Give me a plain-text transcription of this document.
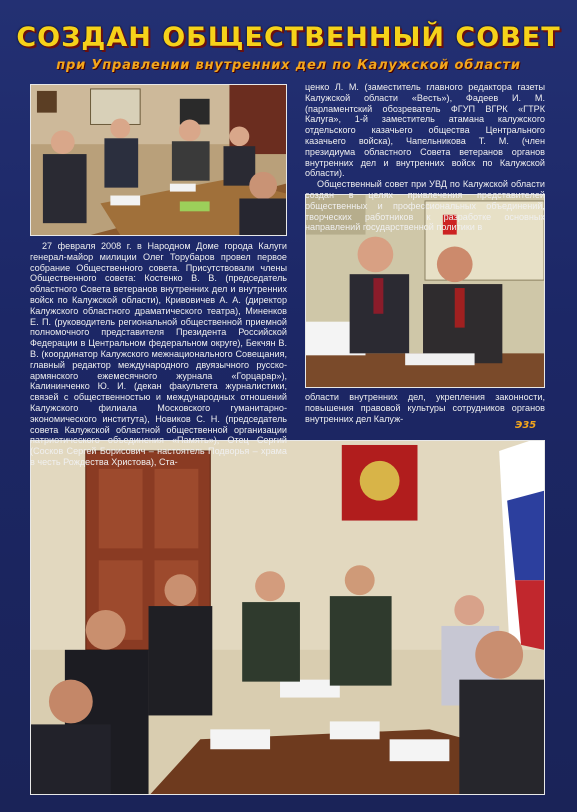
СОЗДАН ОБЩЕСТВЕННЫЙ СОВЕТ
при Управлении внутренних дел по Калужской области

27 февраля 2008 г. в Народном Доме города Калуги генерал-майор милиции Олег Торубаров провел первое собрание Общественного совета. Присутствовали члены Общественного совета: Костенко В. В. (председатель областного Совета ветеранов внутренних дел и внутренних войск по Калужской области), Кривовичев А. А. (директор Калужского областного драматического театра), Миненков Е. П. (руководитель региональной общественной приемной полномочного представителя Президента Российской Федерации в Центральном федеральном округе), Бекчян В. В. (координатор Калужского межнационального Совещания, главный редактор международного двуязычного русско-армянского ежемесячного журнала «Горцарар»), Калининченко Ю. И. (декан факультета журналистики, связей с общественностью и международных отношений Калужского филиала Московского гуманитарно-экономического института), Новиков С. Н. (председатель совета Калужской областной общественной организации патриотического объединения «Память»), Отец Сергий (Сосков Сергей Борисович – настоятель Подворья – храма в честь Рождества Христова), Ста-

ценко Л. М. (заместитель главного редактора газеты Калужской области «Весть»), Фадеев И. М. (парламентский обозреватель ФГУП ВГРК «ГТРК Калуга», 1-й заместитель атамана калужского отдельского казачьего общества Центрального казачьего войска), Чапельникова Т. М. (член президиума областного Совета ветеранов органов внутренних дел и внутренних войск по Калужской области).

Общественный совет при УВД по Калужской области создан в целях привлечения представителей общественных и профессиональных объединений, творческих работников к разработке основных направлений государственной политики в

области внутренних дел, укрепления законности, повышения правовой культуры сотрудников органов внутренних дел Калуж-

Э35
